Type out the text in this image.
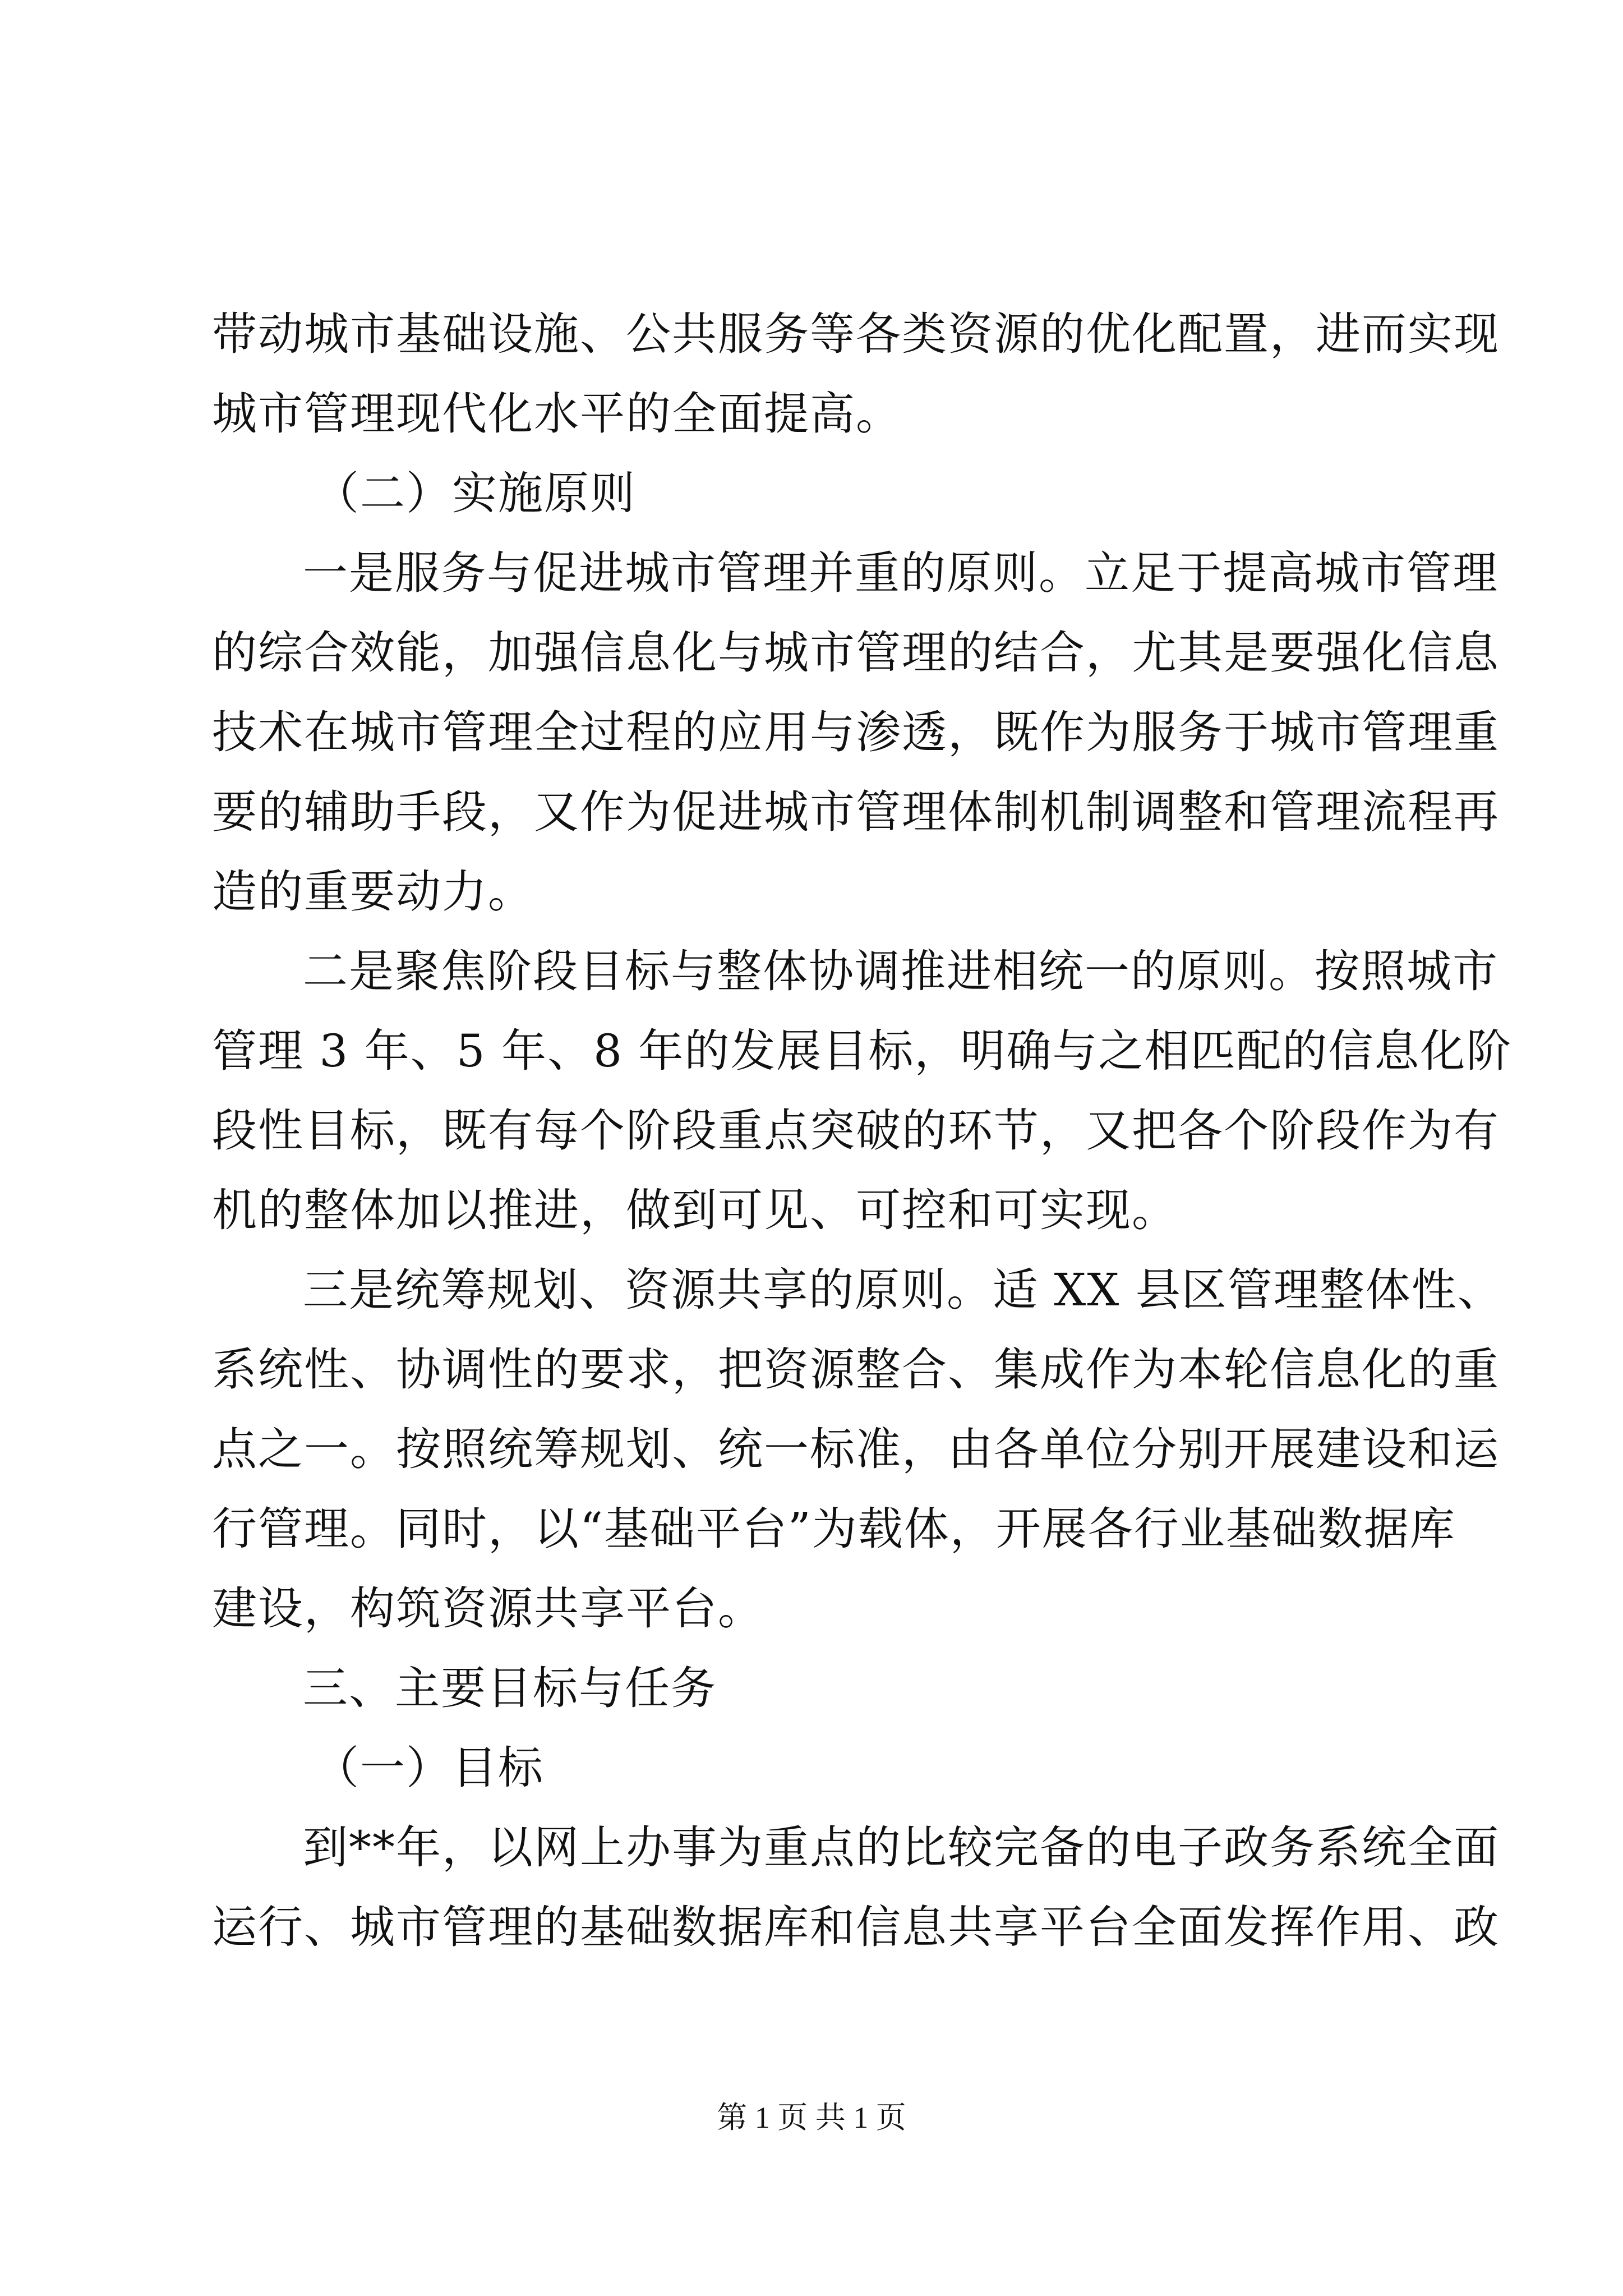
带动城市基础设施、公共服务等各类资源的优化配置，进而实现
城市管理现代化水平的全面提高。
（二）实施原则
一是服务与促进城市管理并重的原则。立足于提高城市管理
的综合效能，加强信息化与城市管理的结合，尤其是要强化信息
技术在城市管理全过程的应用与渗透，既作为服务于城市管理重
要的辅助手段，又作为促进城市管理体制机制调整和管理流程再
造的重要动力。
二是聚焦阶段目标与整体协调推进相统一的原则。按照城市
管理 3 年、5 年、8 年的发展目标，明确与之相匹配的信息化阶
段性目标，既有每个阶段重点突破的环节，又把各个阶段作为有
机的整体加以推进，做到可见、可控和可实现。
三是统筹规划、资源共享的原则。适 XX 县区管理整体性、
系统性、协调性的要求，把资源整合、集成作为本轮信息化的重
点之一。按照统筹规划、统一标准，由各单位分别开展建设和运
行管理。同时，以“基础平台”为载体，开展各行业基础数据库
建设，构筑资源共享平台。
三、主要目标与任务
（一）目标
到**年，以网上办事为重点的比较完备的电子政务系统全面
运行、城市管理的基础数据库和信息共享平台全面发挥作用、政
第 1 页 共 1 页
